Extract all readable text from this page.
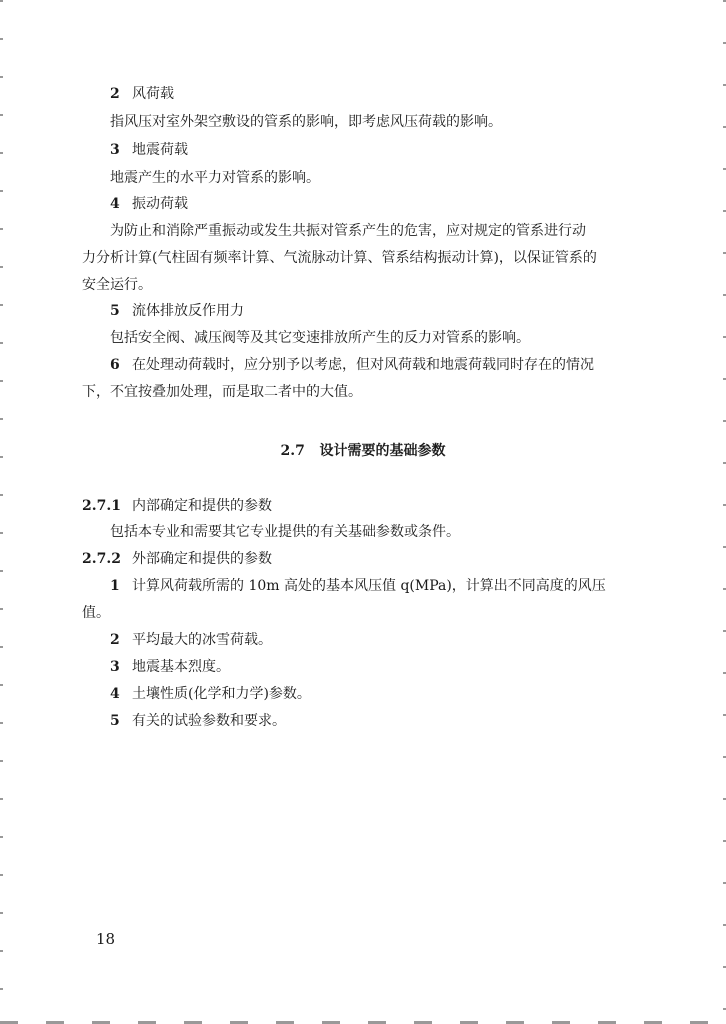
2 风荷载
指风压对室外架空敷设的管系的影响，即考虑风压荷载的影响。
3 地震荷载
地震产生的水平力对管系的影响。
4 振动荷载
为防止和消除严重振动或发生共振对管系产生的危害，应对规定的管系进行动
力分析计算(气柱固有频率计算、气流脉动计算、管系结构振动计算)，以保证管系的
安全运行。
5 流体排放反作用力
包括安全阀、减压阀等及其它变速排放所产生的反力对管系的影响。
6 在处理动荷载时，应分别予以考虑，但对风荷载和地震荷载同时存在的情况
下，不宜按叠加处理，而是取二者中的大值。
2.7 设计需要的基础参数
2.7.1 内部确定和提供的参数
包括本专业和需要其它专业提供的有关基础参数或条件。
2.7.2 外部确定和提供的参数
1 计算风荷载所需的 10m 高处的基本风压值 q(MPa)，计算出不同高度的风压
值。
2 平均最大的冰雪荷载。
3 地震基本烈度。
4 土壤性质(化学和力学)参数。
5 有关的试验参数和要求。
18
